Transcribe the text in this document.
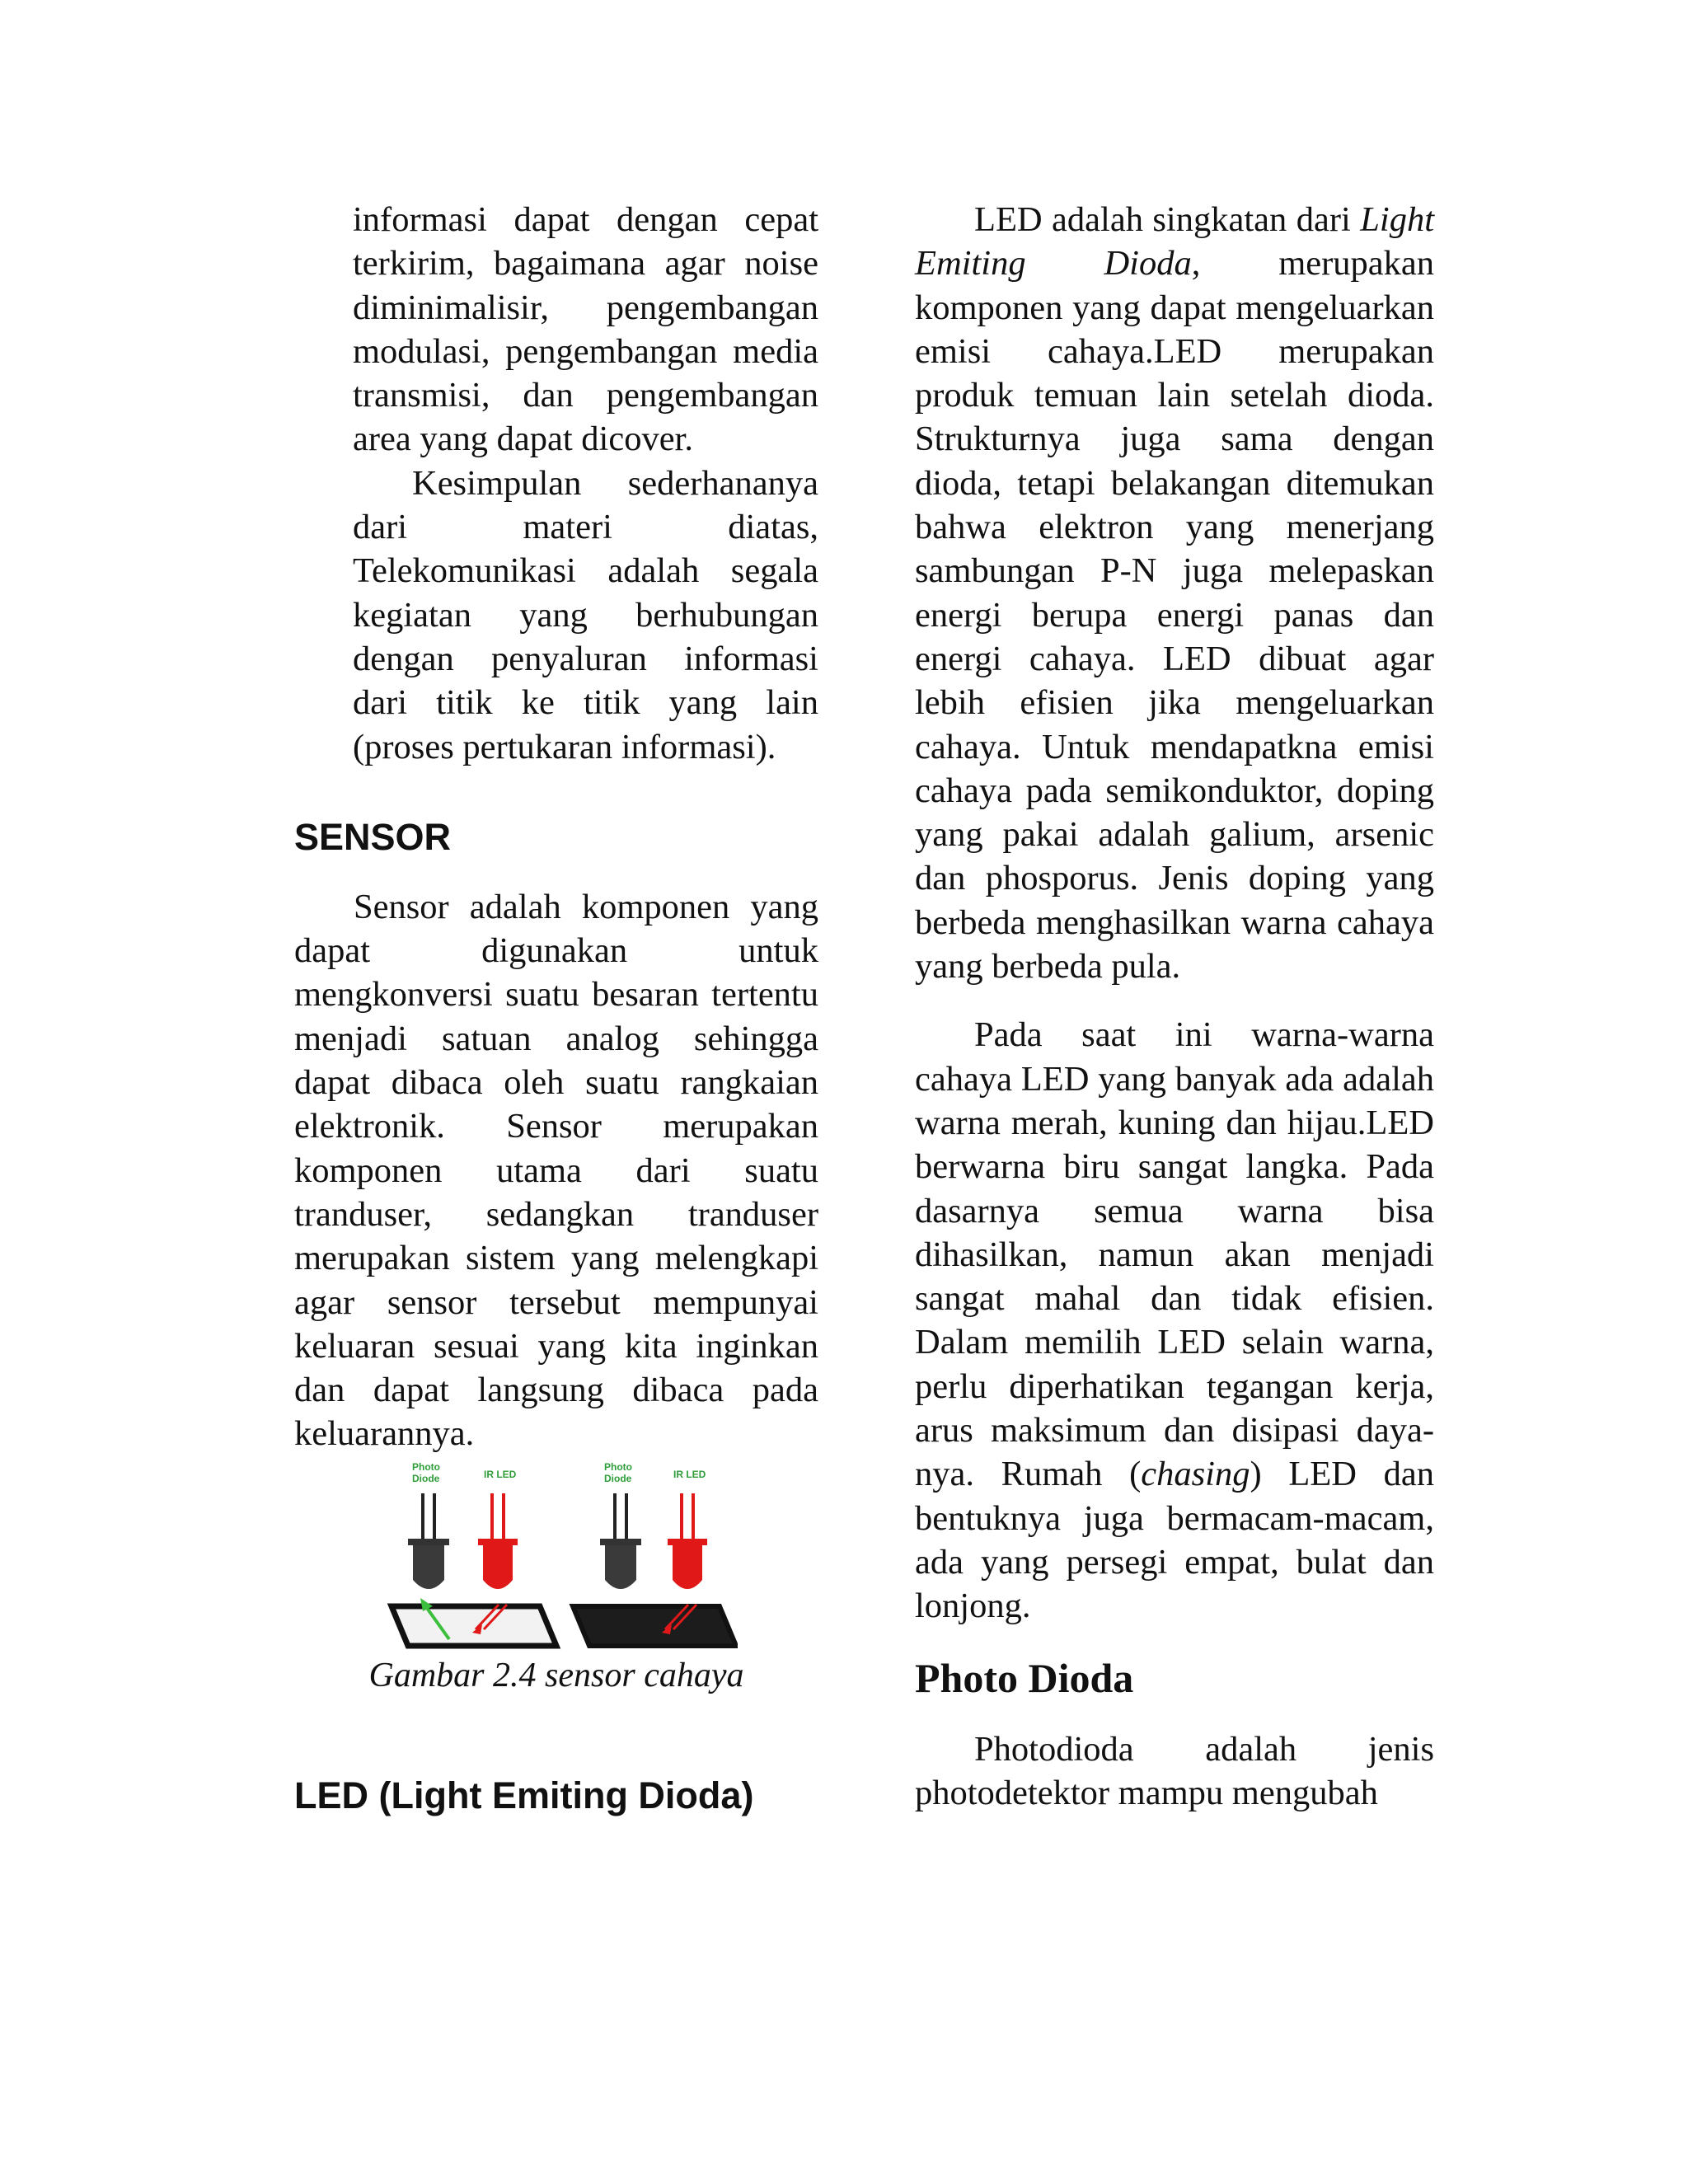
informasi dapat dengan cepat terkirim, bagaimana agar noise diminimalisir, pengembangan modulasi, pengembangan media transmisi, dan pengembangan area yang dapat dicover.

Kesimpulan sederhananya dari materi diatas, Telekomunikasi adalah segala kegiatan yang berhubungan dengan penyaluran informasi dari titik ke titik yang lain (proses pertukaran informasi).

SENSOR

Sensor adalah komponen yang dapat digunakan untuk mengkonversi suatu besaran tertentu menjadi satuan analog sehingga dapat dibaca oleh suatu rangkaian elektronik. Sensor merupakan komponen utama dari suatu tranduser, sedangkan tranduser merupakan sistem yang melengkapi agar sensor tersebut mempunyai keluaran sesuai yang kita inginkan dan dapat langsung dibaca pada keluarannya.

Photo
Diode	IR LED
Photo
Diode	IR LED

Gambar 2.4 sensor cahaya

LED (Light Emiting Dioda)

LED adalah singkatan dari Light Emiting Dioda, merupakan komponen yang dapat mengeluarkan emisi cahaya.LED merupakan produk temuan lain setelah dioda. Strukturnya juga sama dengan dioda, tetapi belakangan ditemukan bahwa elektron yang menerjang sambungan P-N juga melepaskan energi berupa energi panas dan energi cahaya. LED dibuat agar lebih efisien jika mengeluarkan cahaya. Untuk mendapatkna emisi cahaya pada semikonduktor, doping yang pakai adalah galium, arsenic dan phosporus. Jenis doping yang berbeda menghasilkan warna cahaya yang berbeda pula.

Pada saat ini warna-warna cahaya LED yang banyak ada adalah warna merah, kuning dan hijau.LED berwarna biru sangat langka. Pada dasarnya semua warna bisa dihasilkan, namun akan menjadi sangat mahal dan tidak efisien. Dalam memilih LED selain warna, perlu diperhatikan tegangan kerja, arus maksimum dan disipasi daya-nya. Rumah (chasing) LED dan bentuknya juga bermacam-macam, ada yang persegi empat, bulat dan lonjong.

Photo Dioda

Photodioda adalah jenis photodetektor mampu mengubah
